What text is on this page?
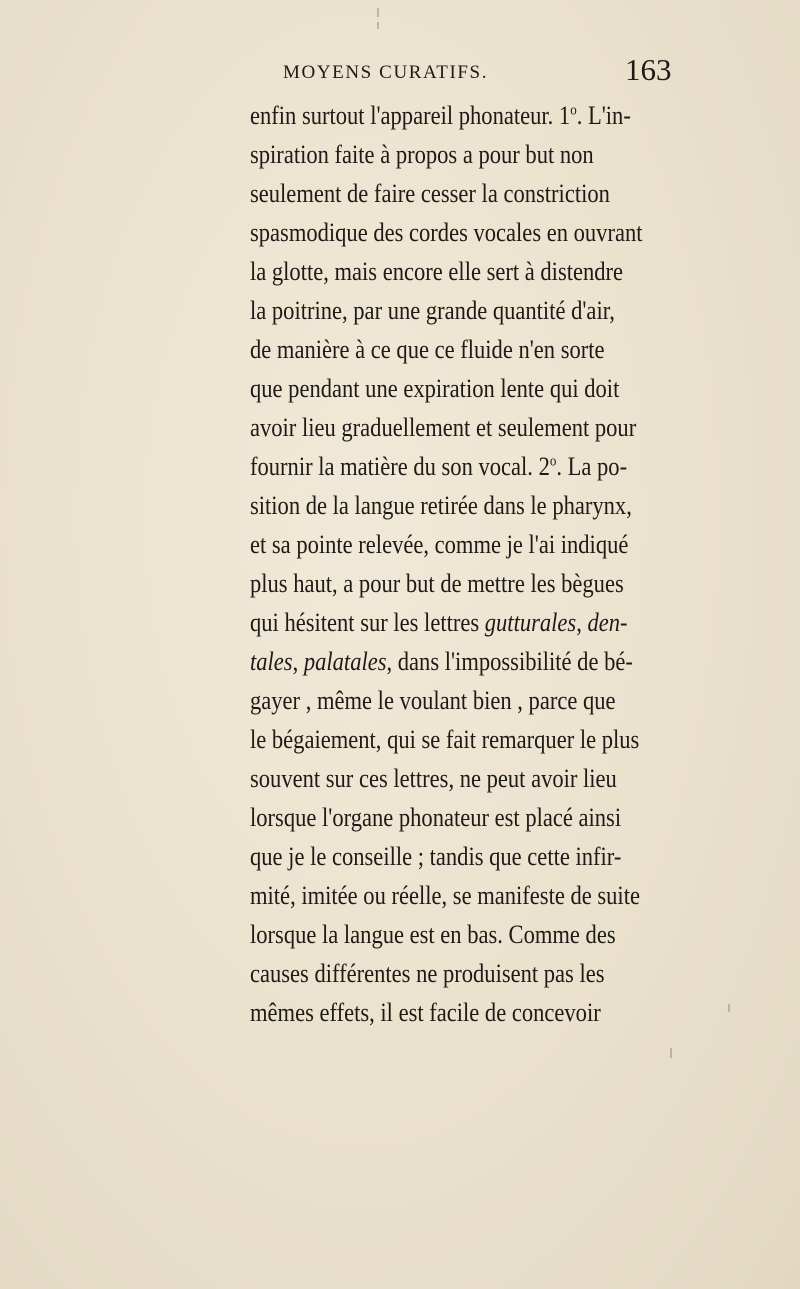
MOYENS CURATIFS.	163
enfin surtout l'appareil phonateur. 1$^o$. L'in-
spiration faite à propos a pour but non
seulement de faire cesser la constriction
spasmodique des cordes vocales en ouvrant
la glotte, mais encore elle sert à distendre
la poitrine, par une grande quantité d'air,
de manière à ce que ce fluide n'en sorte
que pendant une expiration lente qui doit
avoir lieu graduellement et seulement pour
fournir la matière du son vocal. 2$^o$. La po-
sition de la langue retirée dans le pharynx,
et sa pointe relevée, comme je l'ai indiqué
plus haut, a pour but de mettre les bègues
qui hésitent sur les lettres gutturales, den-
tales, palatales, dans l'impossibilité de bé-
gayer , même le voulant bien , parce que
le bégaiement, qui se fait remarquer le plus
souvent sur ces lettres, ne peut avoir lieu
lorsque l'organe phonateur est placé ainsi
que je le conseille ; tandis que cette infir-
mité, imitée ou réelle, se manifeste de suite
lorsque la langue est en bas. Comme des
causes différentes ne produisent pas les
mêmes effets, il est facile de concevoir
